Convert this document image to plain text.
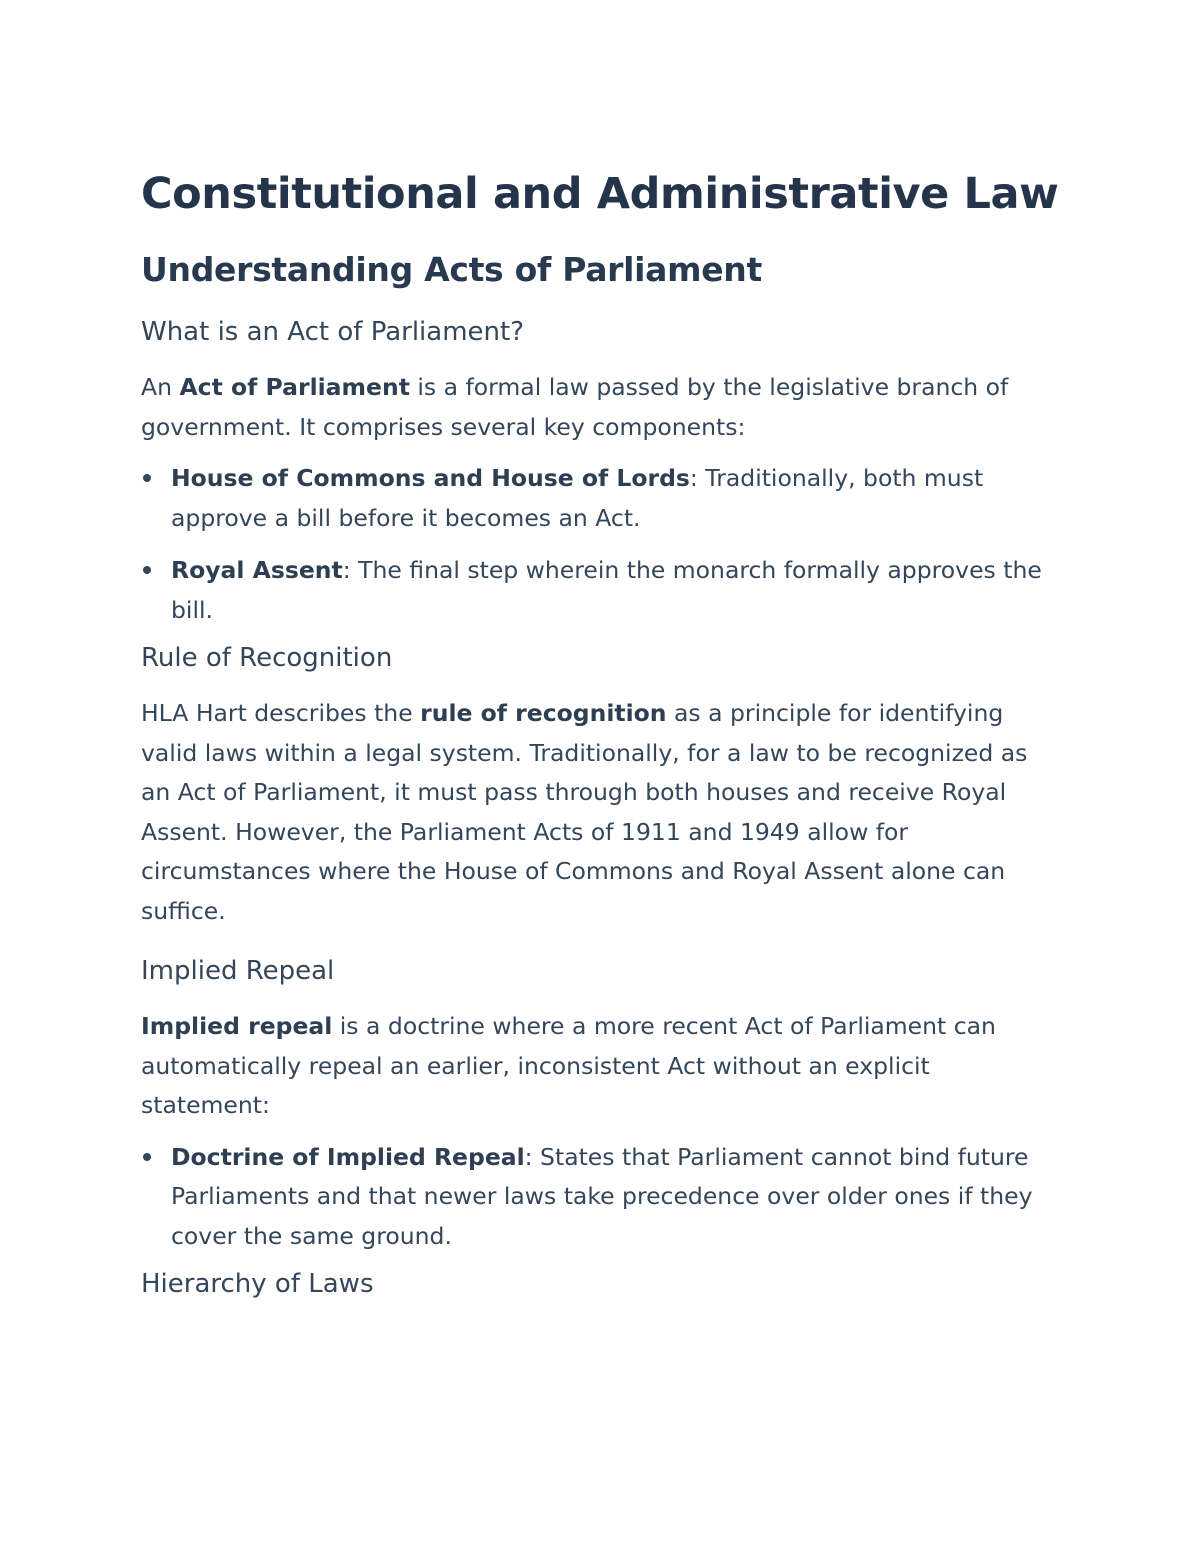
Constitutional and Administrative Law
Understanding Acts of Parliament
What is an Act of Parliament?

An Act of Parliament is a formal law passed by the legislative branch of government. It comprises several key components:

House of Commons and House of Lords: Traditionally, both must approve a bill before it becomes an Act.
Royal Assent: The final step wherein the monarch formally approves the bill.
Rule of Recognition

HLA Hart describes the rule of recognition as a principle for identifying valid laws within a legal system. Traditionally, for a law to be recognized as an Act of Parliament, it must pass through both houses and receive Royal Assent. However, the Parliament Acts of 1911 and 1949 allow for circumstances where the House of Commons and Royal Assent alone can suffice.

Implied Repeal

Implied repeal is a doctrine where a more recent Act of Parliament can automatically repeal an earlier, inconsistent Act without an explicit statement:

Doctrine of Implied Repeal: States that Parliament cannot bind future Parliaments and that newer laws take precedence over older ones if they cover the same ground.
Hierarchy of Laws
